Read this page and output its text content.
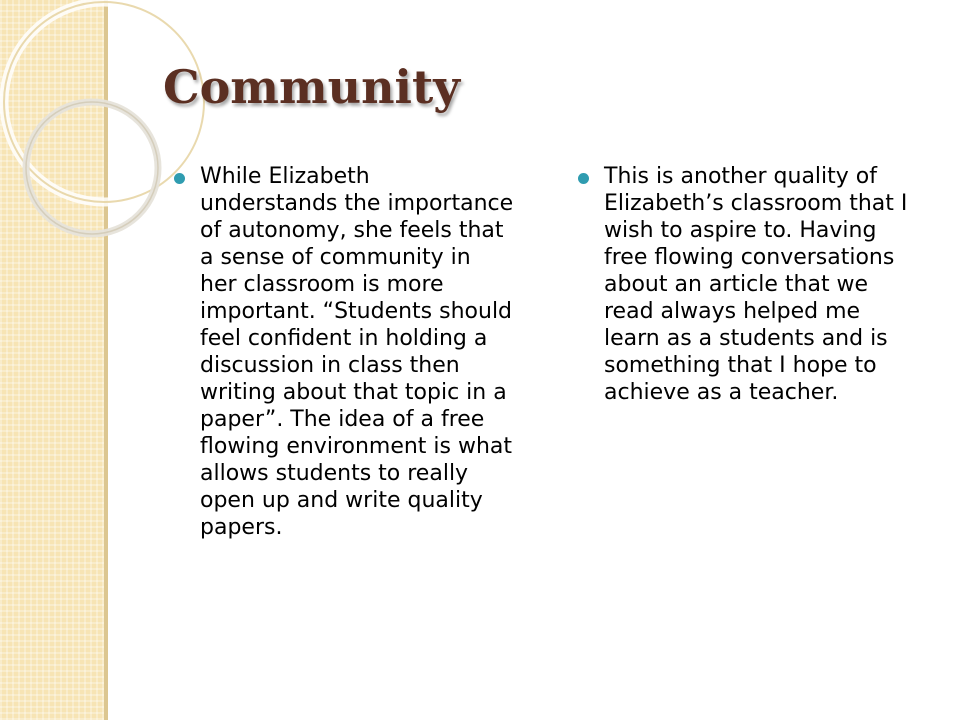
Community

While Elizabeth understands the importance of autonomy, she feels that a sense of community in her classroom is more important. “Students should feel confident in holding a discussion in class then writing about that topic in a paper”. The idea of a free flowing environment is what allows students to really open up and write quality papers.

This is another quality of Elizabeth’s classroom that I wish to aspire to. Having free flowing conversations about an article that we read always helped me learn as a students and is something that I hope to achieve as a teacher.
